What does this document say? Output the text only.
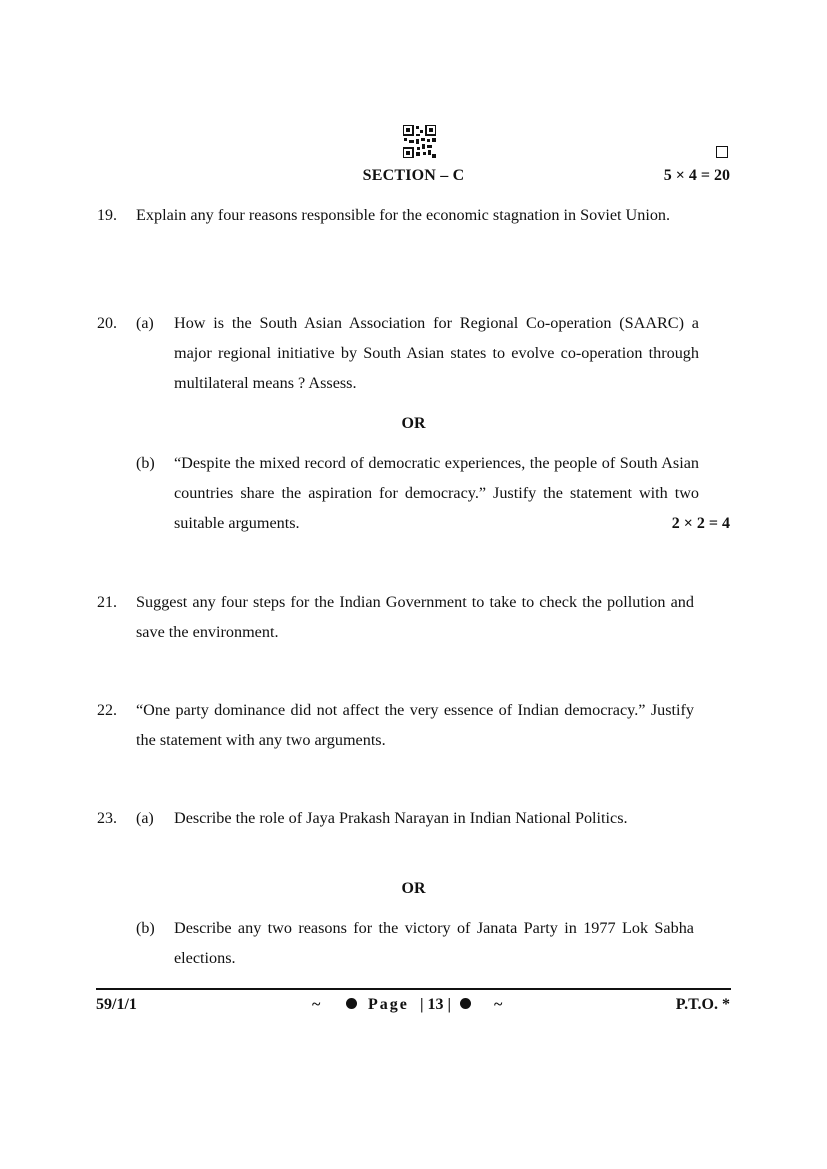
SECTION – C	5 × 4 = 20
19. Explain any four reasons responsible for the economic stagnation in Soviet Union.
20. (a) How is the South Asian Association for Regional Co-operation (SAARC) a major regional initiative by South Asian states to evolve co-operation through multilateral means ? Assess.
OR
(b) “Despite the mixed record of democratic experiences, the people of South Asian countries share the aspiration for democracy.” Justify the statement with two suitable arguments.	2 × 2 = 4
21. Suggest any four steps for the Indian Government to take to check the pollution and save the environment.
22. “One party dominance did not affect the very essence of Indian democracy.” Justify the statement with any two arguments.
23. (a) Describe the role of Jaya Prakash Narayan in Indian National Politics.
OR
(b) Describe any two reasons for the victory of Janata Party in 1977 Lok Sabha elections.
59/1/1	~	Page | 13 |	~	P.T.O. *
